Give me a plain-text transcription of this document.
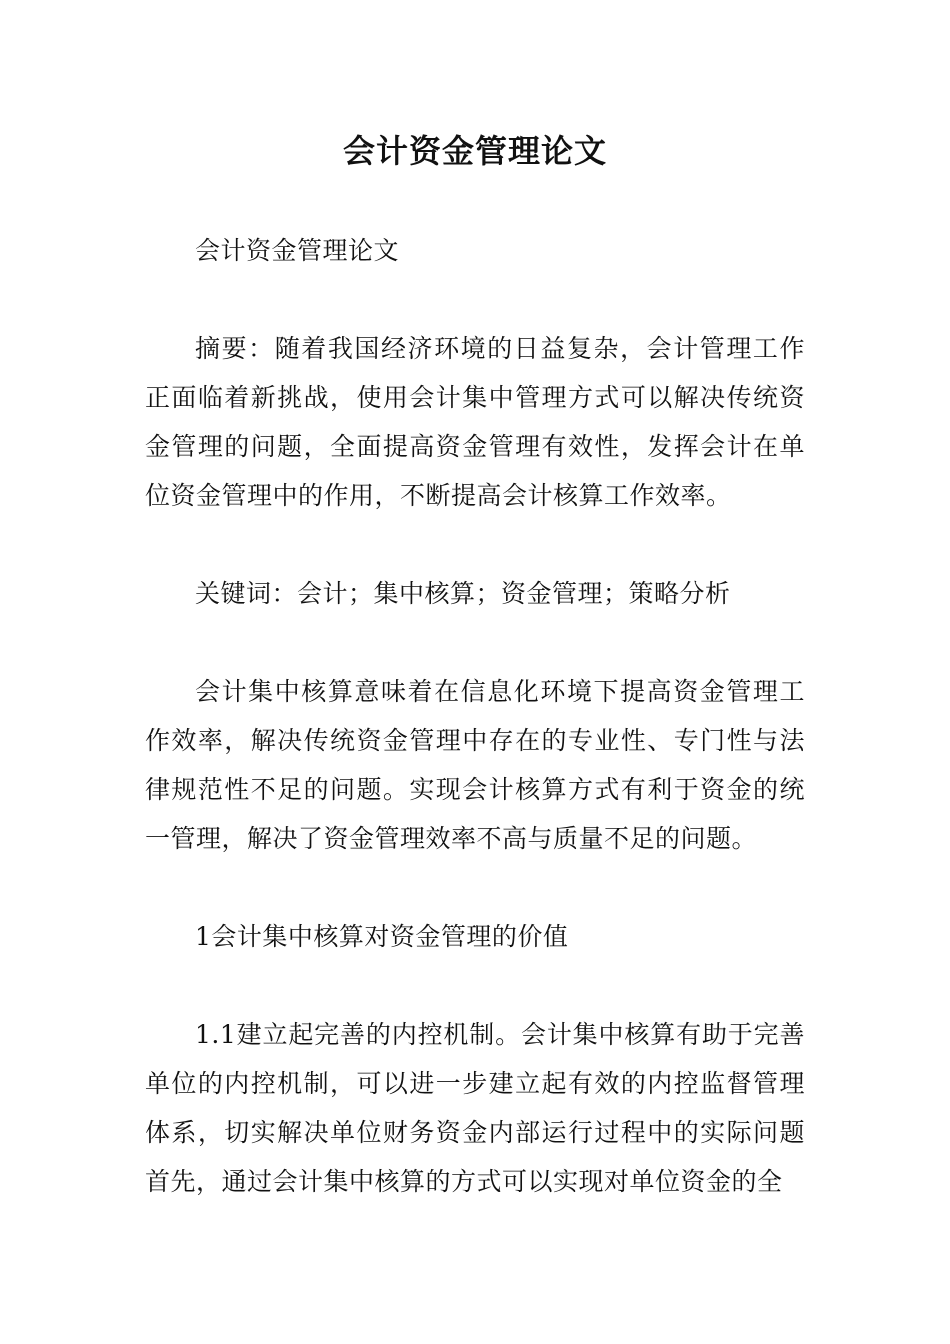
会计资金管理论文

会计资金管理论文

摘要：随着我国经济环境的日益复杂，会计管理工作正面临着新挑战，使用会计集中管理方式可以解决传统资金管理的问题，全面提高资金管理有效性，发挥会计在单位资金管理中的作用，不断提高会计核算工作效率。

关键词：会计；集中核算；资金管理；策略分析

会计集中核算意味着在信息化环境下提高资金管理工作效率，解决传统资金管理中存在的专业性、专门性与法律规范性不足的问题。实现会计核算方式有利于资金的统一管理，解决了资金管理效率不高与质量不足的问题。

1会计集中核算对资金管理的价值

1.1建立起完善的内控机制。会计集中核算有助于完善单位的内控机制，可以进一步建立起有效的内控监督管理体系，切实解决单位财务资金内部运行过程中的实际问题首先，通过会计集中核算的方式可以实现对单位资金的全
